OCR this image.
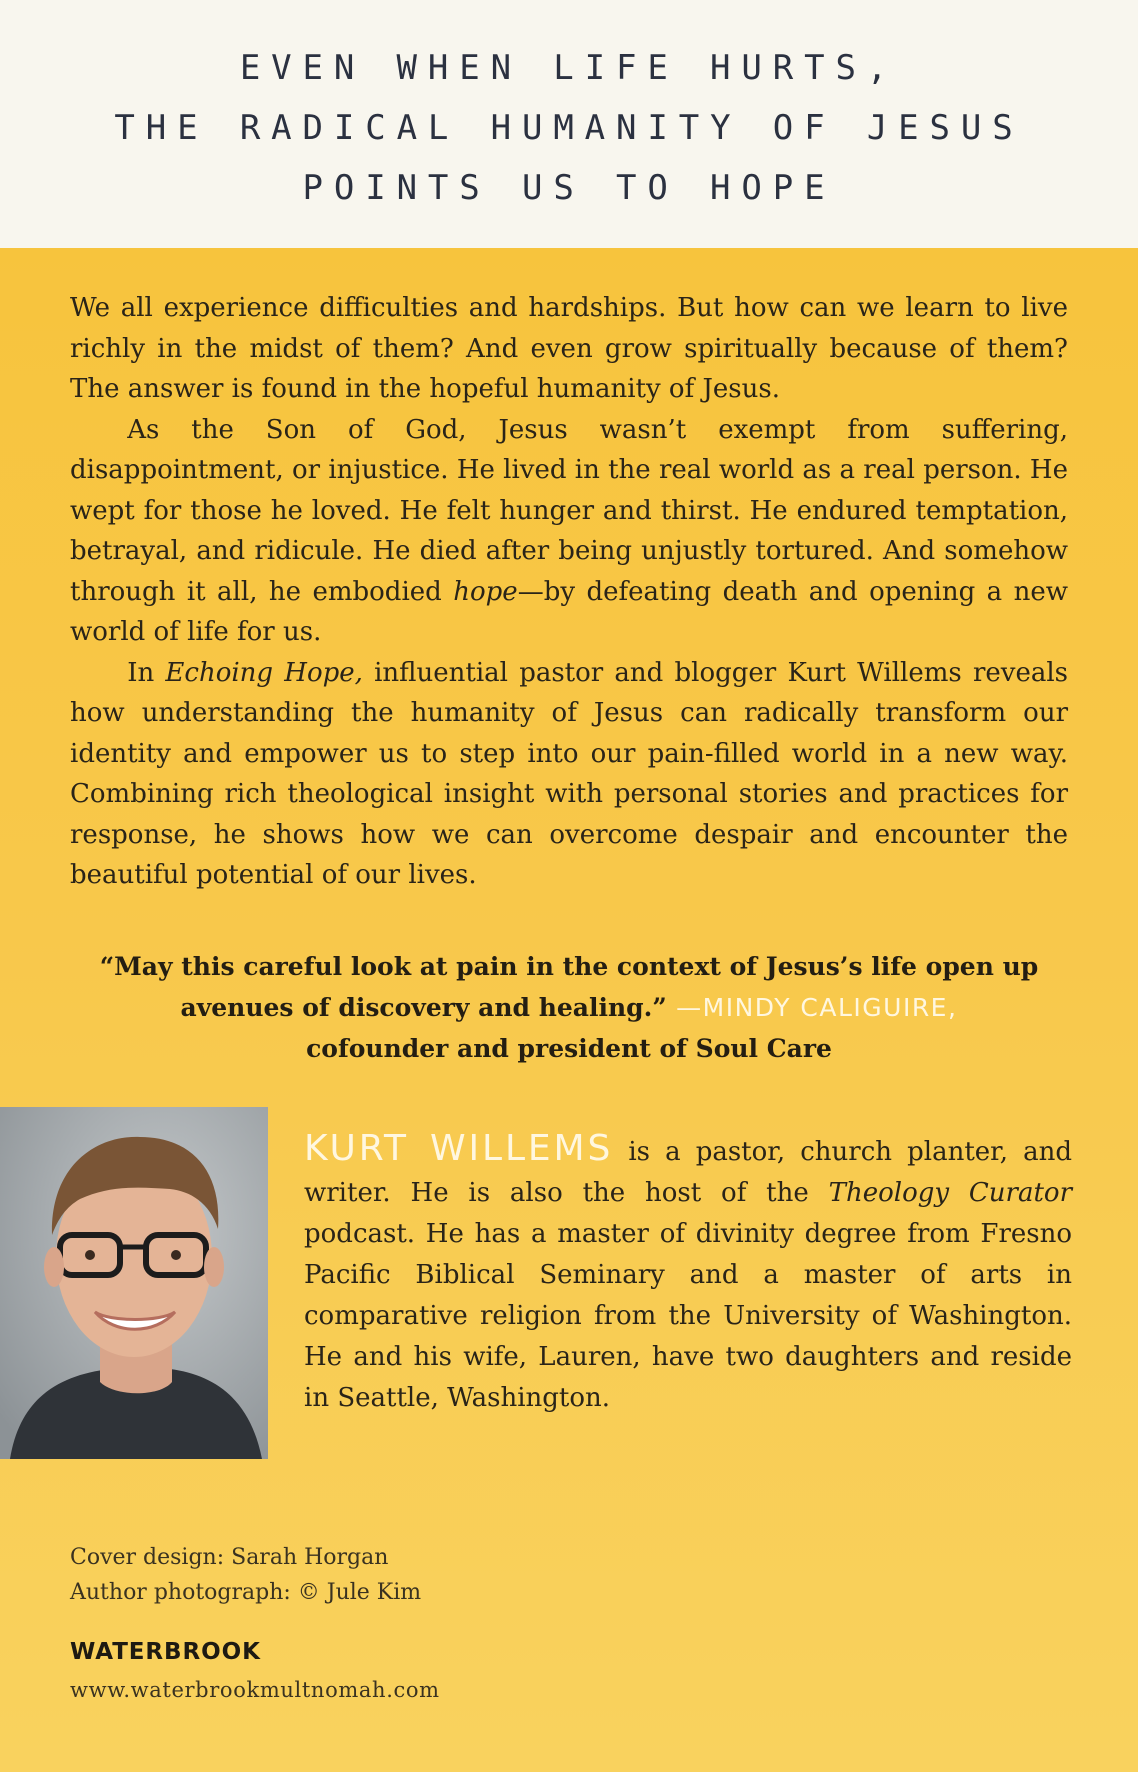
EVEN WHEN LIFE HURTS,
THE RADICAL HUMANITY OF JESUS
POINTS US TO HOPE

We all experience difficulties and hardships. But how can we learn to live richly in the midst of them? And even grow spiritually because of them? The answer is found in the hopeful humanity of Jesus.

As the Son of God, Jesus wasn’t exempt from suffering, disappointment, or injustice. He lived in the real world as a real person. He wept for those he loved. He felt hunger and thirst. He endured temptation, betrayal, and ridicule. He died after being unjustly tortured. And somehow through it all, he embodied hope—by defeating death and opening a new world of life for us.

In Echoing Hope, influential pastor and blogger Kurt Willems reveals how understanding the humanity of Jesus can radically transform our identity and empower us to step into our pain-filled world in a new way. Combining rich theological insight with personal stories and practices for response, he shows how we can overcome despair and encounter the beautiful potential of our lives.

“May this careful look at pain in the context of Jesus’s life open up avenues of discovery and healing.” —MINDY CALIGUIRE,
cofounder and president of Soul Care
KURT WILLEMS is a pastor, church planter, and writer. He is also the host of the Theology Curator podcast. He has a master of divinity degree from Fresno Pacific Biblical Seminary and a master of arts in comparative religion from the University of Washington. He and his wife, Lauren, have two daughters and reside in Seattle, Washington.
Cover design: Sarah Horgan
Author photograph: © Jule Kim
WATERBROOK
www.waterbrookmultnomah.com
